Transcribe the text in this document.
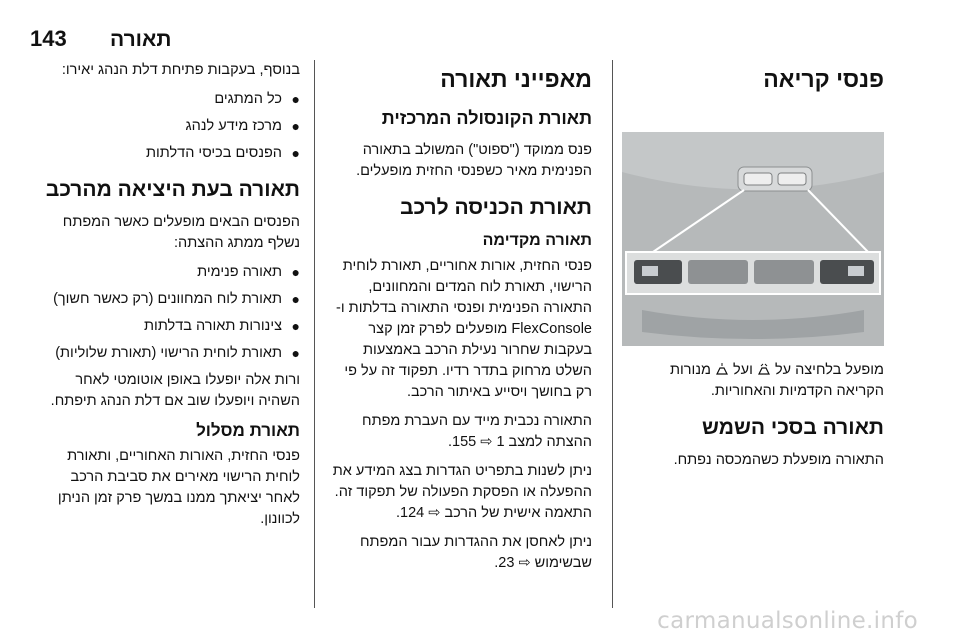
143 תאורה
פנסי קריאה

מופעל בלחיצה על  ועל  מנורות הקריאה הקדמיות והאחוריות.

תאורה בסכי השמש

התאורה מופעלת כשהמכסה נפתח.

מאפייני תאורה
תאורת הקונסולה המרכזית

פנס ממוקד ("ספוט") המשולב בתאורה הפנימית מאיר כשפנסי החזית מופעלים.

תאורת הכניסה לרכב
תאורה מקדימה

פנסי החזית, אורות אחוריים, תאורת לוחית הרישוי, תאורת לוח המדים והמחוונים, התאורה הפנימית ופנסי התאורה בדלתות ו-FlexConsole מופעלים לפרק זמן קצר בעקבות שחרור נעילת הרכב באמצעות השלט מרחוק בתדר רדיו. תפקוד זה על פי רק בחושך ויסייע באיתור הרכב.

התאורה נכבית מייד עם העברת מפתח ההצתה למצב 1 ⇨ 155.

ניתן לשנות בתפריט הגדרות בצג המידע את ההפעלה או הפסקת הפעולה של תפקוד זה. התאמה אישית של הרכב ⇨ 124.

ניתן לאחסן את ההגדרות עבור המפתח שבשימוש ⇨ 23.

בנוסף, בעקבות פתיחת דלת הנהג יאירו:

●
כל המתגים
●
מרכז מידע לנהג
●
הפנסים בכיסי הדלתות
תאורה בעת היציאה מהרכב

הפנסים הבאים מופעלים כאשר המפתח נשלף ממתג ההצתה:

●
תאורה פנימית
●
תאורת לוח המחוונים (רק כאשר חשוך)
●
צינורות תאורה בדלתות
●
תאורת לוחית הרישוי (תאורת שלוליות)

ורות אלה יופעלו באופן אוטומטי לאחר השהיה ויופעלו שוב אם דלת הנהג תיפתח.

תאורת מסלול

פנסי החזית, האורות האחוריים, ותאורת לוחית הרישוי מאירים את סביבת הרכב לאחר יציאתך ממנו במשך פרק זמן הניתן לכוונון.

carmanualsonline.info
